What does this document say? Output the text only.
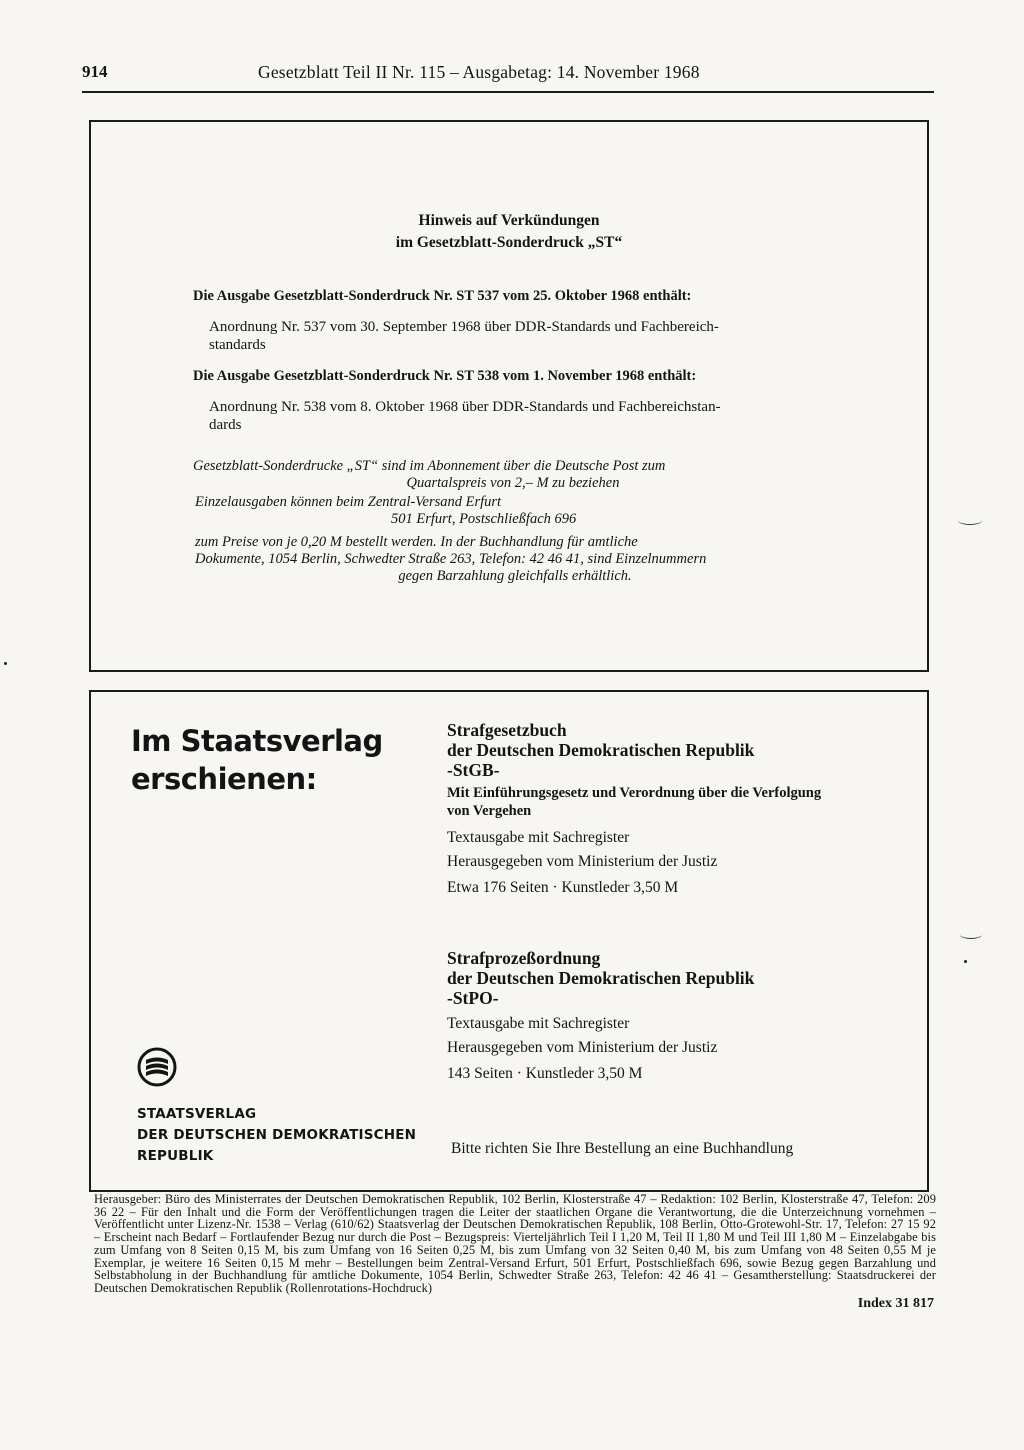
914	Gesetzblatt Teil II Nr. 115 – Ausgabetag: 14. November 1968
Hinweis auf Verkündungen
im Gesetzblatt-Sonderdruck „ST“
Die Ausgabe Gesetzblatt-Sonderdruck Nr. ST 537 vom 25. Oktober 1968 enthält:
Anordnung Nr. 537 vom 30. September 1968 über DDR-Standards und Fachbereich-
standards
Die Ausgabe Gesetzblatt-Sonderdruck Nr. ST 538 vom 1. November 1968 enthält:
Anordnung Nr. 538 vom 8. Oktober 1968 über DDR-Standards und Fachbereichstan-
dards
Gesetzblatt-Sonderdrucke „ST“ sind im Abonnement über die Deutsche Post zum
Quartalspreis von 2,– M zu beziehen
Einzelausgaben können beim Zentral-Versand Erfurt
501 Erfurt, Postschließfach 696
zum Preise von je 0,20 M bestellt werden. In der Buchhandlung für amtliche
Dokumente, 1054 Berlin, Schwedter Straße 263, Telefon: 42 46 41, sind Einzelnummern
gegen Barzahlung gleichfalls erhältlich.
Im Staatsverlag
erschienen:
Strafgesetzbuch
der Deutschen Demokratischen Republik
-StGB-
Mit Einführungsgesetz und Verordnung über die Verfolgung
von Vergehen
Textausgabe mit Sachregister
Herausgegeben vom Ministerium der Justiz
Etwa 176 Seiten · Kunstleder 3,50 M
Strafprozeßordnung
der Deutschen Demokratischen Republik
-StPO-
Textausgabe mit Sachregister
Herausgegeben vom Ministerium der Justiz
143 Seiten · Kunstleder 3,50 M
STAATSVERLAG
DER DEUTSCHEN DEMOKRATISCHEN
REPUBLIK	Bitte richten Sie Ihre Bestellung an eine Buchhandlung
Herausgeber: Büro des Ministerrates der Deutschen Demokratischen Republik, 102 Berlin, Klosterstraße 47 – Redaktion: 102 Berlin, Klosterstraße 47, Telefon: 209 36 22 – Für den Inhalt und die Form der Veröffentlichungen tragen die Leiter der staatlichen Organe die Verantwortung, die die Unterzeichnung vornehmen – Veröffentlicht unter Lizenz-Nr. 1538 – Verlag (610/62) Staatsverlag der Deutschen Demokratischen Republik, 108 Berlin, Otto-Grotewohl-Str. 17, Telefon: 27 15 92 – Erscheint nach Bedarf – Fortlaufender Bezug nur durch die Post – Bezugspreis: Vierteljährlich Teil I 1,20 M, Teil II 1,80 M und Teil III 1,80 M – Einzelabgabe bis zum Umfang von 8 Seiten 0,15 M, bis zum Umfang von 16 Seiten 0,25 M, bis zum Umfang von 32 Seiten 0,40 M, bis zum Umfang von 48 Seiten 0,55 M je Exemplar, je weitere 16 Seiten 0,15 M mehr – Bestellungen beim Zentral-Versand Erfurt, 501 Erfurt, Postschließfach 696, sowie Bezug gegen Barzahlung und Selbstabholung in der Buchhandlung für amtliche Dokumente, 1054 Berlin, Schwedter Straße 263, Telefon: 42 46 41 – Gesamtherstellung: Staatsdruckerei der Deutschen Demokratischen Republik (Rollenrotations-Hochdruck)
Index 31 817
